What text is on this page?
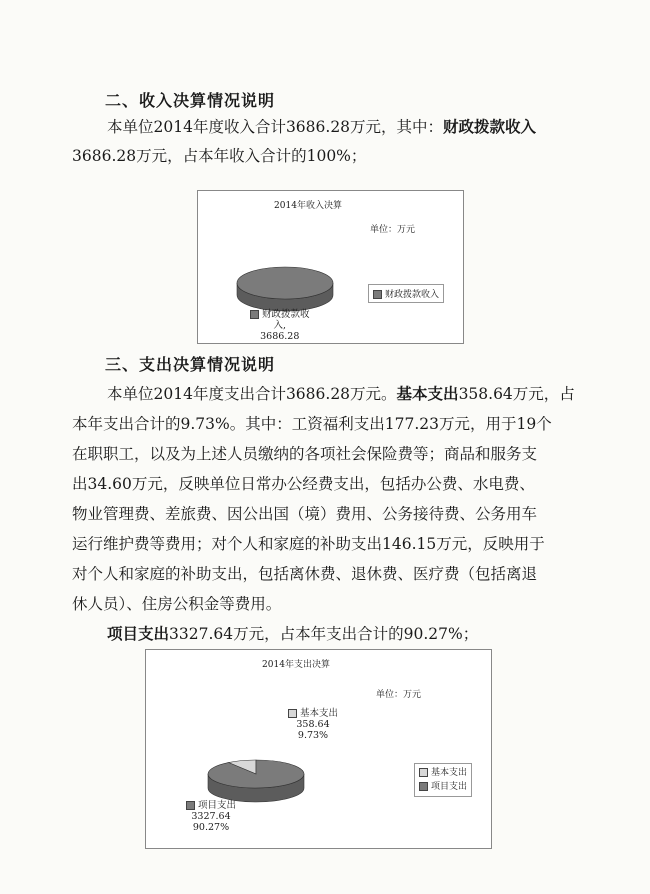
二、收入决算情况说明
本单位2014年度收入合计3686.28万元，其中：财政拨款收入
3686.28万元，占本年收入合计的100%；
2014年收入决算
单位：万元
财政拨款收入
财政拨款收
入,
3686.28
三、支出决算情况说明
本单位2014年度支出合计3686.28万元。基本支出358.64万元，占
本年支出合计的9.73%。其中：工资福利支出177.23万元，用于19个
在职职工，以及为上述人员缴纳的各项社会保险费等；商品和服务支
出34.60万元，反映单位日常办公经费支出，包括办公费、水电费、
物业管理费、差旅费、因公出国（境）费用、公务接待费、公务用车
运行维护费等费用；对个人和家庭的补助支出146.15万元，反映用于
对个人和家庭的补助支出，包括离休费、退休费、医疗费（包括离退
休人员）、住房公积金等费用。
项目支出3327.64万元，占本年支出合计的90.27%；
2014年支出决算
单位：万元
基本支出
358.64
9.73%
基本支出
项目支出
项目支出
3327.64
90.27%
